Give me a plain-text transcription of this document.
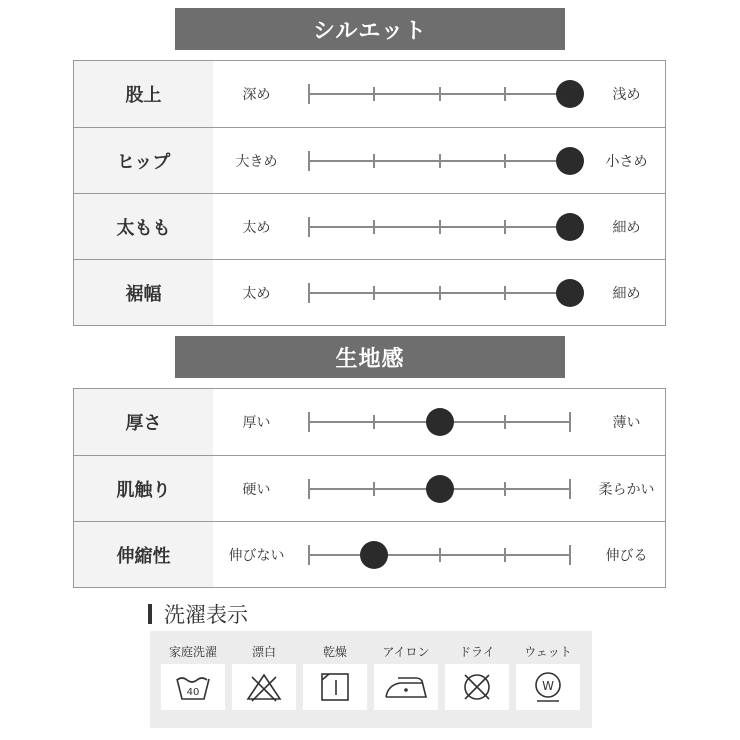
シルエット
股上	深め	浅め
ヒップ	大きめ	小さめ
太もも	太め	細め
裾幅	太め	細め
生地感
厚さ	厚い	薄い
肌触り	硬い	柔らかい
伸縮性	伸びない	伸びる
洗濯表示
家庭洗濯
40
漂白	乾燥	アイロン	ドライ	ウェット
W
